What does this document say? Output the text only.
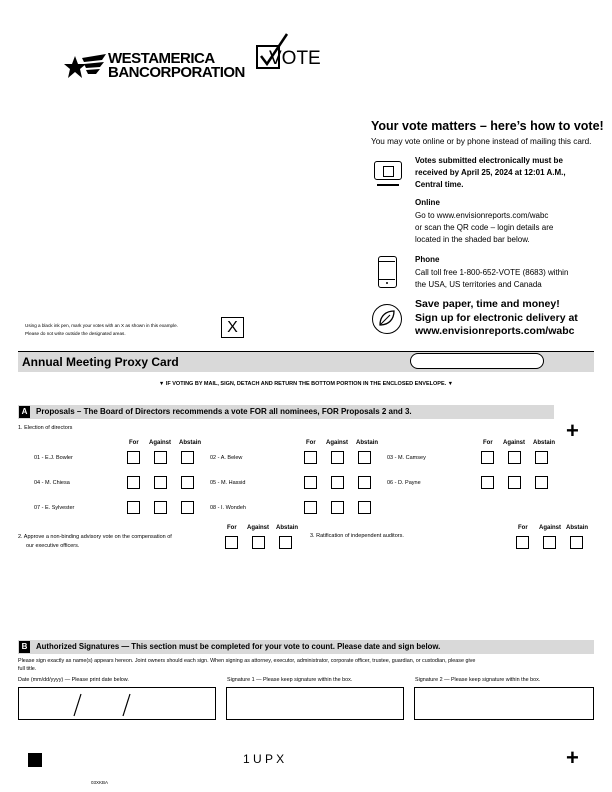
WESTAMERICA
BANCORPORATION
VOTE
Your vote matters – here’s how to vote!
You may vote online or by phone instead of mailing this card.
Votes submitted electronically must be
received by April 25, 2024 at 12:01 A.M.,
Central time.
Online
Go to www.envisionreports.com/wabc
or scan the QR code – login details are
located in the shaded bar below.
Phone
Call toll free 1-800-652-VOTE (8683) within
the USA, US territories and Canada
Save paper, time and money!
Sign up for electronic delivery at
www.envisionreports.com/wabc
Using a black ink pen, mark your votes with an X as shown in this example.
Please do not write outside the designated areas.	X
Annual Meeting Proxy Card
▼ IF VOTING BY MAIL, SIGN, DETACH AND RETURN THE BOTTOM PORTION IN THE ENCLOSED ENVELOPE. ▼
A	Proposals – The Board of Directors recommends a vote FOR all nominees, FOR Proposals 2 and 3.
+
1. Election of directors
For Against Abstain	For Against Abstain	For Against Abstain
01 - E.J. Bowler	02 - A. Belew	03 - M. Camsey
04 - M. Chiesa	05 - M. Hassid	06 - D. Payne
07 - E. Sylvester	08 - I. Wondeh
2. Approve a non-binding advisory vote on the compensation of
our executive officers.
For Against Abstain
3. Ratification of independent auditors.
For Against Abstain
B	Authorized Signatures — This section must be completed for your vote to count. Please date and sign below.
Please sign exactly as name(s) appears hereon. Joint owners should each sign. When signing as attorney, executor, administrator, corporate officer, trustee, guardian, or custodian, please give
full title.
Date (mm/dd/yyyy) — Please print date below.	Signature 1 — Please keep signature within the box.	Signature 2 — Please keep signature within the box.
1 U P X	+
03XKBA
